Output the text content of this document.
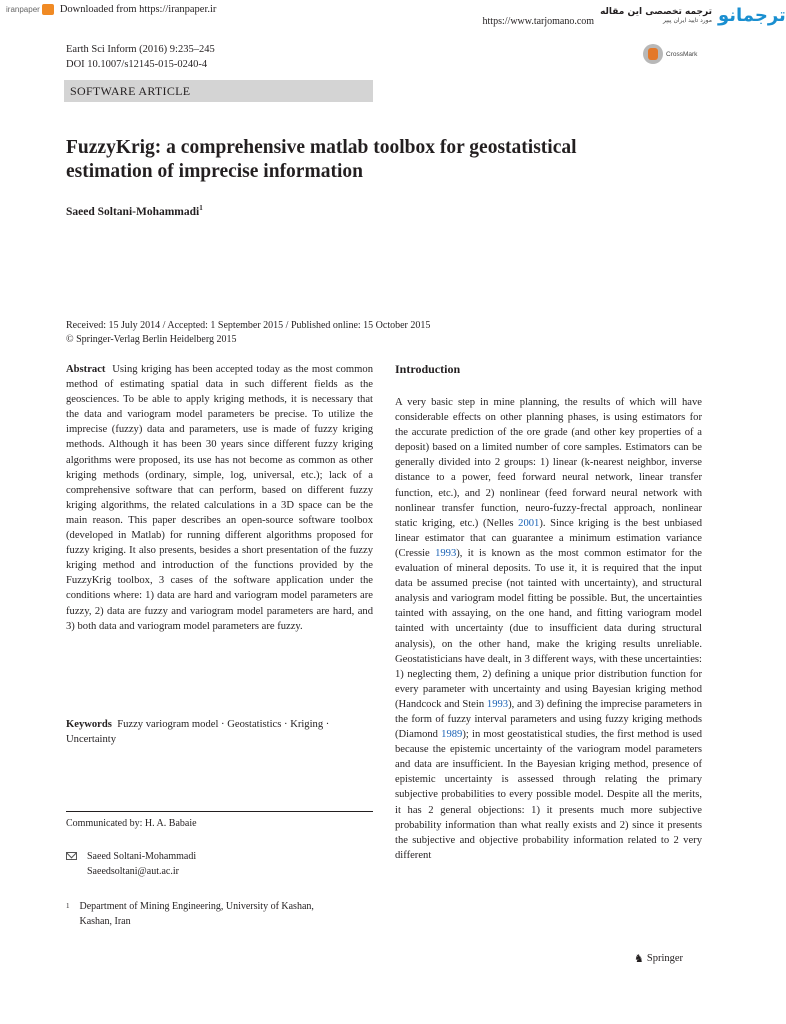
iranpaper Downloaded from https://iranpaper.ir
https://www.tarjomano.com
ترجمه تخصصی این مقاله
مورد تایید ایران پیپر ترجمانو
Earth Sci Inform (2016) 9:235–245
DOI 10.1007/s12145-015-0240-4
CrossMark
SOFTWARE ARTICLE
FuzzyKrig: a comprehensive matlab toolbox for geostatistical
estimation of imprecise information
Saeed Soltani-Mohammadi$^1$
Received: 15 July 2014 / Accepted: 1 September 2015 / Published online: 15 October 2015
© Springer-Verlag Berlin Heidelberg 2015
Abstract Using kriging has been accepted today as the most common method of estimating spatial data in such different fields as the geosciences. To be able to apply kriging methods, it is necessary that the data and variogram model parameters be precise. To utilize the imprecise (fuzzy) data and parameters, use is made of fuzzy kriging methods. Although it has been 30 years since different fuzzy kriging algorithms were proposed, its use has not become as common as other kriging methods (ordinary, simple, log, universal, etc.); lack of a comprehensive software that can perform, based on different fuzzy kriging algorithms, the related calculations in a 3D space can be the main reason. This paper describes an open-source software toolbox (developed in Matlab) for running different algorithms proposed for fuzzy kriging. It also presents, besides a short presentation of the fuzzy kriging method and introduction of the functions provided by the FuzzyKrig toolbox, 3 cases of the software application under the conditions where: 1) data are hard and variogram model parameters are fuzzy, 2) data are fuzzy and variogram model parameters are hard, and 3) both data and variogram model parameters are fuzzy.
Keywords Fuzzy variogram model · Geostatistics · Kriging · Uncertainty
Communicated by: H. A. Babaie
Saeed Soltani-Mohammadi
Saeedsoltani@aut.ac.ir
1 Department of Mining Engineering, University of Kashan,
Kashan, Iran
Introduction
A very basic step in mine planning, the results of which will have considerable effects on other planning phases, is using estimators for the accurate prediction of the ore grade (and other key properties of a deposit) based on a limited number of core samples. Estimators can be generally divided into 2 groups: 1) linear (k-nearest neighbor, inverse distance to a power, feed forward neural network, linear transfer function, etc.), and 2) nonlinear (feed forward neural network with nonlinear transfer function, neuro-fuzzy-frectal approach, nonlinear static kriging, etc.) (Nelles 2001). Since kriging is the best unbiased linear estimator that can guarantee a minimum estimation variance (Cressie 1993), it is known as the most common estimator for the evaluation of mineral deposits. To use it, it is required that the input data be assumed precise (not tainted with uncertainty), and structural analysis and variogram model fitting be possible. But, the uncertainties tainted with assaying, on the one hand, and fitting variogram model tainted with uncertainty (due to insufficient data during structural analysis), on the other hand, make the kriging results unreliable. Geostatisticians have dealt, in 3 different ways, with these uncertainties: 1) neglecting them, 2) defining a unique prior distribution function for every parameter with uncertainty and using Bayesian kriging method (Handcock and Stein 1993), and 3) defining the imprecise parameters in the form of fuzzy interval parameters and using fuzzy kriging methods (Diamond 1989); in most geostatistical studies, the first method is used because the epistemic uncertainty of the variogram model parameters and data are insufficient. In the Bayesian kriging method, presence of epistemic uncertainty is assessed through relating the primary subjective probabilities to every possible model. Despite all the merits, it has 2 general objections: 1) it presents much more subjective probability information than what really exists and 2) since it presents the subjective and objective probability information related to 2 very different
♞ Springer
